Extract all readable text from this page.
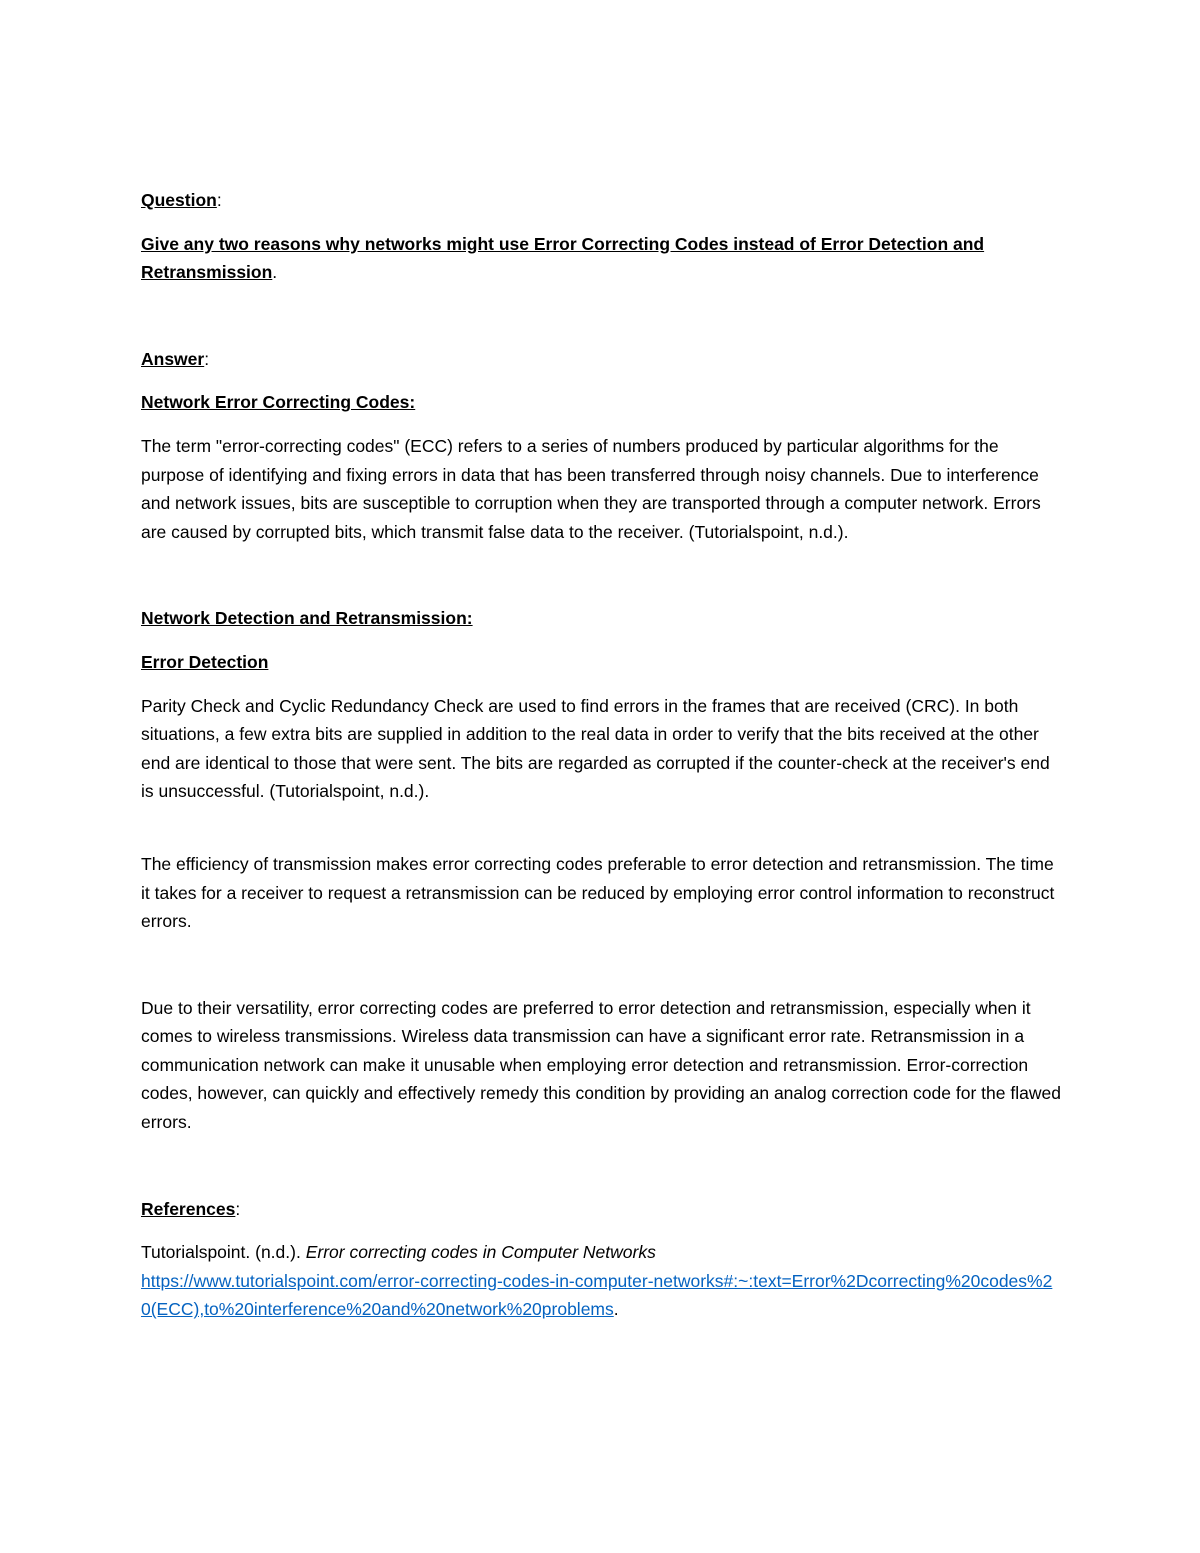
Question:

Give any two reasons why networks might use Error Correcting Codes instead of Error Detection and Retransmission.

Answer:

Network Error Correcting Codes:

The term "error-correcting codes" (ECC) refers to a series of numbers produced by particular algorithms for the purpose of identifying and fixing errors in data that has been transferred through noisy channels. Due to interference and network issues, bits are susceptible to corruption when they are transported through a computer network. Errors are caused by corrupted bits, which transmit false data to the receiver. (Tutorialspoint, n.d.).

Network Detection and Retransmission:

Error Detection

Parity Check and Cyclic Redundancy Check are used to find errors in the frames that are received (CRC). In both situations, a few extra bits are supplied in addition to the real data in order to verify that the bits received at the other end are identical to those that were sent. The bits are regarded as corrupted if the counter-check at the receiver's end is unsuccessful. (Tutorialspoint, n.d.).

The efficiency of transmission makes error correcting codes preferable to error detection and retransmission. The time it takes for a receiver to request a retransmission can be reduced by employing error control information to reconstruct errors.

Due to their versatility, error correcting codes are preferred to error detection and retransmission, especially when it comes to wireless transmissions. Wireless data transmission can have a significant error rate. Retransmission in a communication network can make it unusable when employing error detection and retransmission. Error-correction codes, however, can quickly and effectively remedy this condition by providing an analog correction code for the flawed errors.

References:

Tutorialspoint. (n.d.). Error correcting codes in Computer Networks
https://www.tutorialspoint.com/error-correcting-codes-in-computer-networks#:~:text=Error%2Dcorrecting%20codes%20(ECC),to%20interference%20and%20network%20problems.
